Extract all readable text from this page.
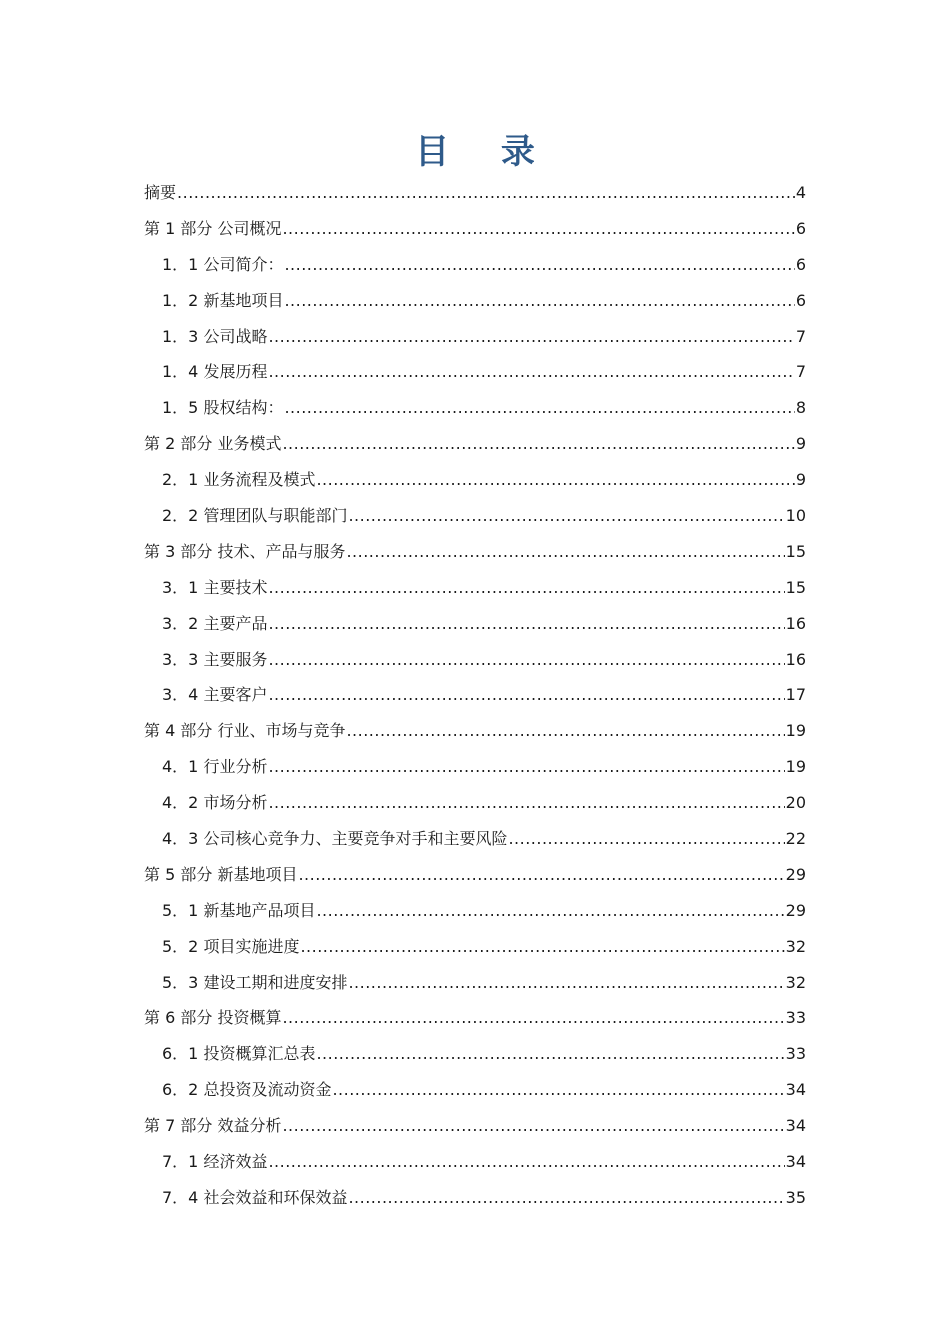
目 录
摘要 .....	4
第 1 部分 公司概况 .....	6
1．1 公司简介： .....	6
1．2 新基地项目 .....	6
1．3 公司战略 .....	7
1．4 发展历程 .....	7
1．5 股权结构： .....	8
第 2 部分 业务模式 .....	9
2．1 业务流程及模式 .....	9
2．2 管理团队与职能部门 .....	10
第 3 部分 技术、产品与服务 .....	15
3．1 主要技术 .....	15
3．2 主要产品 .....	16
3．3 主要服务 .....	16
3．4 主要客户 .....	17
第 4 部分 行业、市场与竞争 .....	19
4．1 行业分析 .....	19
4．2 市场分析 .....	20
4．3 公司核心竞争力、主要竞争对手和主要风险 .....	22
第 5 部分 新基地项目 .....	29
5．1 新基地产品项目 .....	29
5．2 项目实施进度 .....	32
5．3 建设工期和进度安排 .....	32
第 6 部分 投资概算 .....	33
6．1 投资概算汇总表 .....	33
6．2 总投资及流动资金 .....	34
第 7 部分 效益分析 .....	34
7．1 经济效益 .....	34
7．4 社会效益和环保效益 .....	35
